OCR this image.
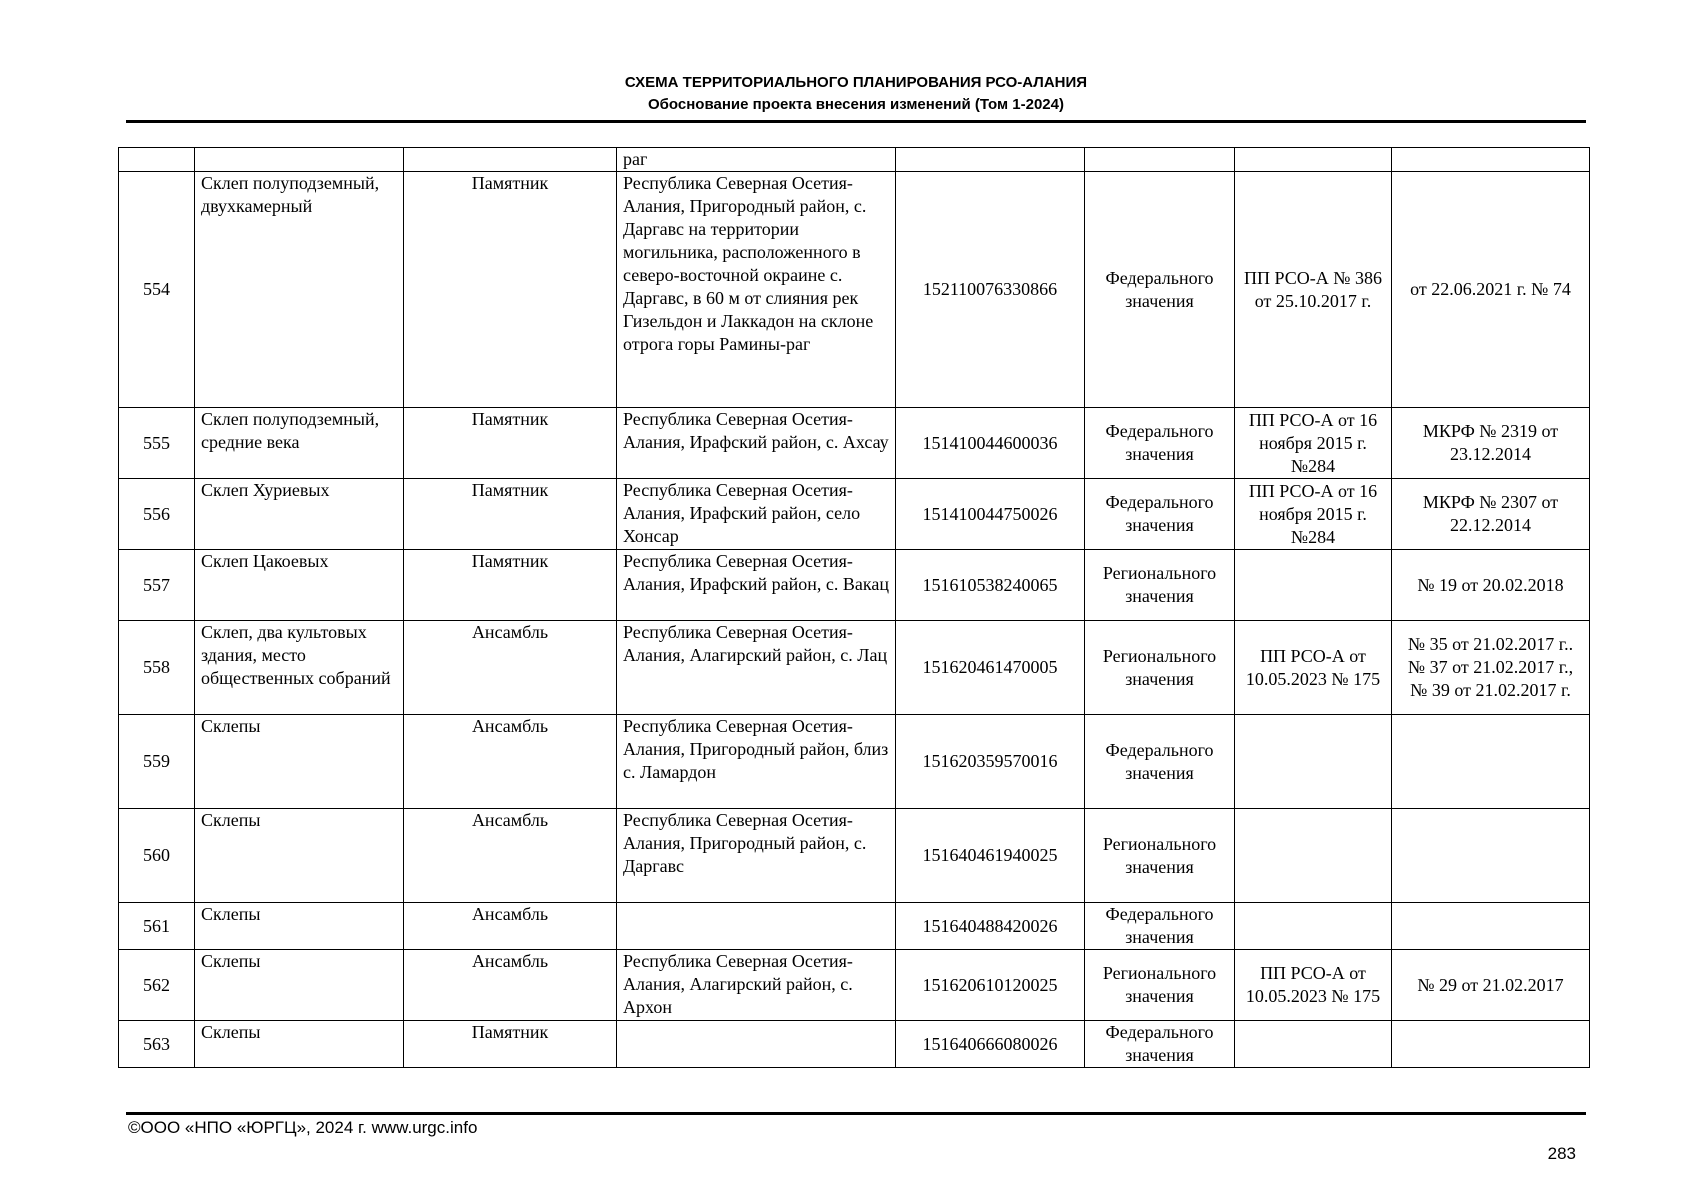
СХЕМА ТЕРРИТОРИАЛЬНОГО ПЛАНИРОВАНИЯ РСО-АЛАНИЯ
Обоснование проекта внесения изменений (Том 1-2024)
			раг				
554	Склеп полуподземный, двухкамерный	Памятник	Республика Северная Осетия-Алания, Пригородный район, с. Даргавс на территории могильника, расположенного в северо-восточной окраине с. Даргавс, в 60 м от слияния рек Гизельдон и Лаккадон на склоне отрога горы Рамины-раг	152110076330866	Федерального значения	ПП РСО-А № 386 от 25.10.2017 г.	от 22.06.2021 г. № 74
555	Склеп полуподземный, средние века	Памятник	Республика Северная Осетия-Алания, Ирафский район, с. Ахсау	151410044600036	Федерального значения	ПП РСО-А от 16 ноября 2015 г. №284	МКРФ № 2319 от 23.12.2014
556	Склеп Хуриевых	Памятник	Республика Северная Осетия-Алания, Ирафский район, село Хонсар	151410044750026	Федерального значения	ПП РСО-А от 16 ноября 2015 г. №284	МКРФ № 2307 от 22.12.2014
557	Склеп Цакоевых	Памятник	Республика Северная Осетия-Алания, Ирафский район, с. Вакац	151610538240065	Регионального значения		№ 19 от 20.02.2018
558	Склеп, два культовых здания, место общественных собраний	Ансамбль	Республика Северная Осетия-Алания, Алагирский район, с. Лац	151620461470005	Регионального значения	ПП РСО-А от 10.05.2023 № 175	№ 35 от 21.02.2017 г.. № 37 от 21.02.2017 г., № 39 от 21.02.2017 г.
559	Склепы	Ансамбль	Республика Северная Осетия-Алания, Пригородный район, близ с. Ламардон	151620359570016	Федерального значения		
560	Склепы	Ансамбль	Республика Северная Осетия-Алания, Пригородный район, с. Даргавс	151640461940025	Регионального значения		
561	Склепы	Ансамбль		151640488420026	Федерального значения		
562	Склепы	Ансамбль	Республика Северная Осетия-Алания, Алагирский район, с. Архон	151620610120025	Регионального значения	ПП РСО-А от 10.05.2023 № 175	№ 29 от 21.02.2017
563	Склепы	Памятник		151640666080026	Федерального значения		
©ООО «НПО «ЮРГЦ», 2024 г. www.urgc.info
283
